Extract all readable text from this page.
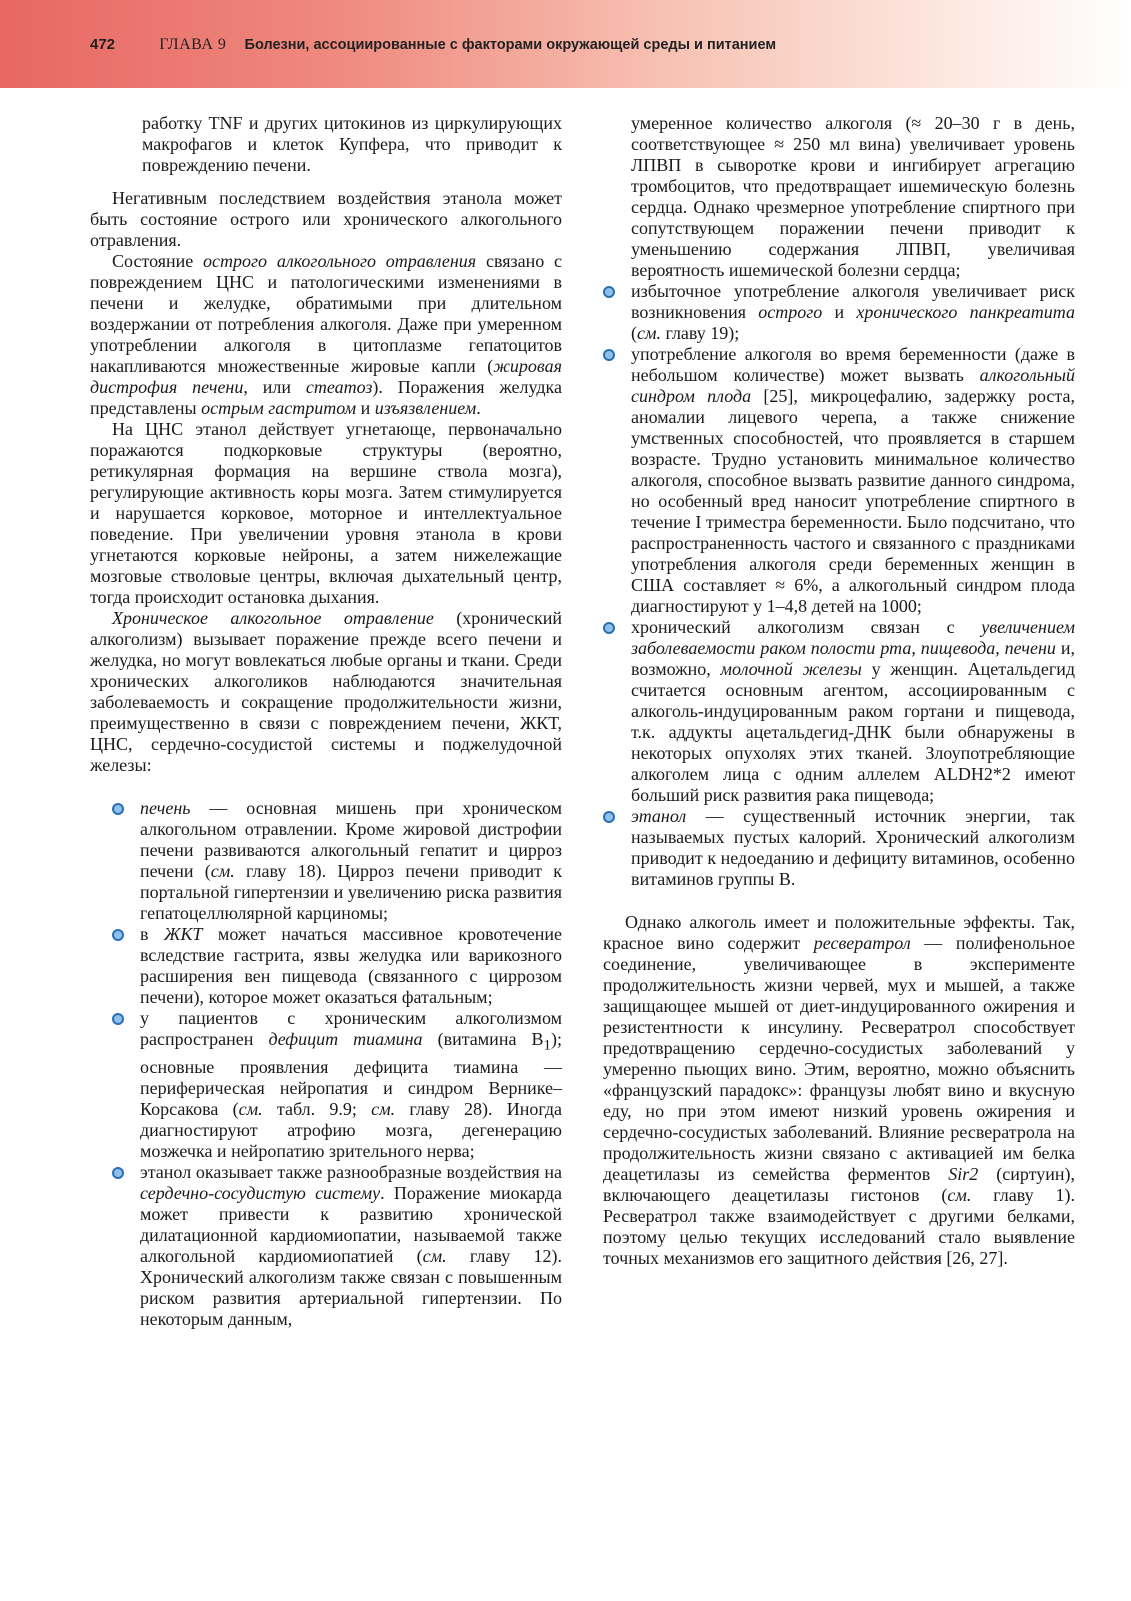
472	ГЛАВА 9 Болезни, ассоциированные с факторами окружающей среды и питанием

работку TNF и других цитокинов из циркулирующих макрофагов и клеток Купфера, что приводит к повреждению печени.

Негативным последствием воздействия этанола может быть состояние острого или хронического алкогольного отравления.

Состояние острого алкогольного отравления связано с повреждением ЦНС и патологическими изменениями в печени и желудке, обратимыми при длительном воздержании от потребления алкоголя. Даже при умеренном употреблении алкоголя в цитоплазме гепатоцитов накапливаются множественные жировые капли (жировая дистрофия печени, или стеатоз). Поражения желудка представлены острым гастритом и изъязвлением.

На ЦНС этанол действует угнетающе, первоначально поражаются подкорковые структуры (вероятно, ретикулярная формация на вершине ствола мозга), регулирующие активность коры мозга. Затем стимулируется и нарушается корковое, моторное и интеллектуальное поведение. При увеличении уровня этанола в крови угнетаются корковые нейроны, а затем нижележащие мозговые стволовые центры, включая дыхательный центр, тогда происходит остановка дыхания.

Хроническое алкогольное отравление (хронический алкоголизм) вызывает поражение прежде всего печени и желудка, но могут вовлекаться любые органы и ткани. Среди хронических алкоголиков наблюдаются значительная заболеваемость и сокращение продолжительности жизни, преимущественно в связи с повреждением печени, ЖКТ, ЦНС, сердечно-сосудистой системы и поджелудочной железы:

печень — основная мишень при хроническом алкогольном отравлении. Кроме жировой дистрофии печени развиваются алкогольный гепатит и цирроз печени (см. главу 18). Цирроз печени приводит к портальной гипертензии и увеличению риска развития гепатоцеллюлярной карциномы;
в ЖКТ может начаться массивное кровотечение вследствие гастрита, язвы желудка или варикозного расширения вен пищевода (связанного с циррозом печени), которое может оказаться фатальным;
у пациентов с хроническим алкоголизмом распространен дефицит тиамина (витамина $B_1$); основные проявления дефицита тиамина — периферическая нейропатия и синдром Вернике–Корсакова (см. табл. 9.9; см. главу 28). Иногда диагностируют атрофию мозга, дегенерацию мозжечка и нейропатию зрительного нерва;
этанол оказывает также разнообразные воздействия на сердечно-сосудистую систему. Поражение миокарда может привести к развитию хронической дилатационной кардиомиопатии, называемой также алкогольной кардиомиопатией (см. главу 12). Хронический алкоголизм также связан с повышенным риском развития артериальной гипертензии. По некоторым данным,
умеренное количество алкоголя (≈ 20–30 г в день, соответствующее ≈ 250 мл вина) увеличивает уровень ЛПВП в сыворотке крови и ингибирует агрегацию тромбоцитов, что предотвращает ишемическую болезнь сердца. Однако чрезмерное употребление спиртного при сопутствующем поражении печени приводит к уменьшению содержания ЛПВП, увеличивая вероятность ишемической болезни сердца;
избыточное употребление алкоголя увеличивает риск возникновения острого и хронического панкреатита (см. главу 19);
употребление алкоголя во время беременности (даже в небольшом количестве) может вызвать алкогольный синдром плода [25], микроцефалию, задержку роста, аномалии лицевого черепа, а также снижение умственных способностей, что проявляется в старшем возрасте. Трудно установить минимальное количество алкоголя, способное вызвать развитие данного синдрома, но особенный вред наносит употребление спиртного в течение I триместра беременности. Было подсчитано, что распространенность частого и связанного с праздниками употребления алкоголя среди беременных женщин в США составляет ≈ 6%, а алкогольный синдром плода диагностируют у 1–4,8 детей на 1000;
хронический алкоголизм связан с увеличением заболеваемости раком полости рта, пищевода, печени и, возможно, молочной железы у женщин. Ацетальдегид считается основным агентом, ассоциированным с алкоголь-индуцированным раком гортани и пищевода, т.к. аддукты ацетальдегид-ДНК были обнаружены в некоторых опухолях этих тканей. Злоупотребляющие алкоголем лица с одним аллелем ALDH2*2 имеют больший риск развития рака пищевода;
этанол — существенный источник энергии, так называемых пустых калорий. Хронический алкоголизм приводит к недоеданию и дефициту витаминов, особенно витаминов группы B.

Однако алкоголь имеет и положительные эффекты. Так, красное вино содержит ресвератрол — полифенольное соединение, увеличивающее в эксперименте продолжительность жизни червей, мух и мышей, а также защищающее мышей от диет-индуцированного ожирения и резистентности к инсулину. Ресвератрол способствует предотвращению сердечно-сосудистых заболеваний у умеренно пьющих вино. Этим, вероятно, можно объяснить «французский парадокс»: французы любят вино и вкусную еду, но при этом имеют низкий уровень ожирения и сердечно-сосудистых заболеваний. Влияние ресвератрола на продолжительность жизни связано с активацией им белка деацетилазы из семейства ферментов Sir2 (сиртуин), включающего деацетилазы гистонов (см. главу 1). Ресвератрол также взаимодействует с другими белками, поэтому целью текущих исследований стало выявление точных механизмов его защитного действия [26, 27].
